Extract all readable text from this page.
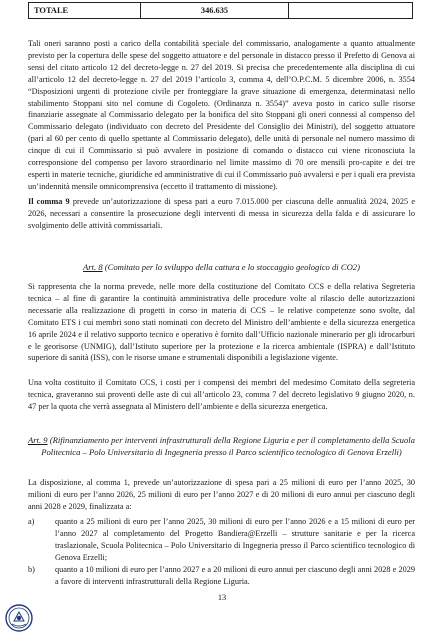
TOTALE	346.635	

Tali oneri saranno posti a carico della contabilità speciale del commissario, analogamente a quanto attualmente previsto per la copertura delle spese del soggetto attuatore e del personale in distacco presso il Prefetto di Genova ai sensi del citato articolo 12 del decreto-legge n. 27 del 2019. Si precisa che precedentemente alla disciplina di cui all’articolo 12 del decreto-legge n. 27 del 2019 l’articolo 3, comma 4, dell’O.P.C.M. 5 dicembre 2006, n. 3554 “Disposizioni urgenti di protezione civile per fronteggiare la grave situazione di emergenza, determinatasi nello stabilimento Stoppani sito nel comune di Cogoleto. (Ordinanza n. 3554)” aveva posto in carico sulle risorse finanziarie assegnate al Commissario delegato per la bonifica del sito Stoppani gli oneri connessi al compenso del Commissario delegato (individuato con decreto del Presidente del Consiglio dei Ministri), del soggetto attuatore (pari al 60 per cento di quello spettante al Commissario delegato), delle unità di personale nel numero massimo di cinque di cui il Commissario si può avvalere in posizione di comando o distacco cui viene riconosciuta la corresponsione del compenso per lavoro straordinario nel limite massimo di 70 ore mensili pro-capite e dei tre esperti in materie tecniche, giuridiche ed amministrative di cui il Commissario può avvalersi e per i quali era prevista un’indennità mensile omnicomprensiva (eccetto il trattamento di missione).

Il comma 9 prevede un’autorizzazione di spesa pari a euro 7.015.000 per ciascuna delle annualità 2024, 2025 e 2026, necessari a consentire la prosecuzione degli interventi di messa in sicurezza della falda e di assicurare lo svolgimento delle attività commissariali.

Art. 8 (Comitato per lo sviluppo della cattura e lo stoccaggio geologico di CO2)

Si rappresenta che la norma prevede, nelle more della costituzione del Comitato CCS e della relativa Segreteria tecnica – al fine di garantire la continuità amministrativa delle procedure volte al rilascio delle autorizzazioni necessarie alla realizzazione di progetti in corso in materia di CCS – le relative competenze sono svolte, dal Comitato ETS i cui membri sono stati nominati con decreto del Ministro dell’ambiente e della sicurezza energetica 16 aprile 2024 e il relativo supporto tecnico e operativo è fornito dall’Ufficio nazionale minerario per gli idrocarburi e le georisorse (UNMIG), dall’Istituto superiore per la protezione e la ricerca ambientale (ISPRA) e dall’Istituto superiore di sanità (ISS), con le risorse umane e strumentali disponibili a legislazione vigente.

Una volta costituito il Comitato CCS, i costi per i compensi dei membri del medesimo Comitato della segreteria tecnica, graveranno sui proventi delle aste di cui all’articolo 23, comma 7 del decreto legislativo 9 giugno 2020, n. 47 per la quota che verrà assegnata al Ministero dell’ambiente e della sicurezza energetica.

Art. 9 (Rifinanziamento per interventi infrastrutturali della Regione Liguria e per il completamento della Scuola Politecnica – Polo Universitario di Ingegneria presso il Parco scientifico tecnologico di Genova Erzelli)

La disposizione, al comma 1, prevede un’autorizzazione di spesa pari a 25 milioni di euro per l’anno 2025, 30 milioni di euro per l’anno 2026, 25 milioni di euro per l’anno 2027 e di 20 milioni di euro annui per ciascuno degli anni 2028 e 2029, finalizzata a:

a) quanto a 25 milioni di euro per l’anno 2025, 30 milioni di euro per l’anno 2026 e a 15 milioni di euro per l’anno 2027 al completamento del Progetto Bandiera@Erzelli – strutture sanitarie e per la ricerca traslazionale, Scuola Politecnica – Polo Universitario di Ingegneria presso il Parco scientifico tecnologico di Genova Erzelli;
b) quanto a 10 milioni di euro per l’anno 2027 e a 20 milioni di euro annui per ciascuno degli anni 2028 e 2029 a favore di interventi infrastrutturali della Regione Liguria.
13
